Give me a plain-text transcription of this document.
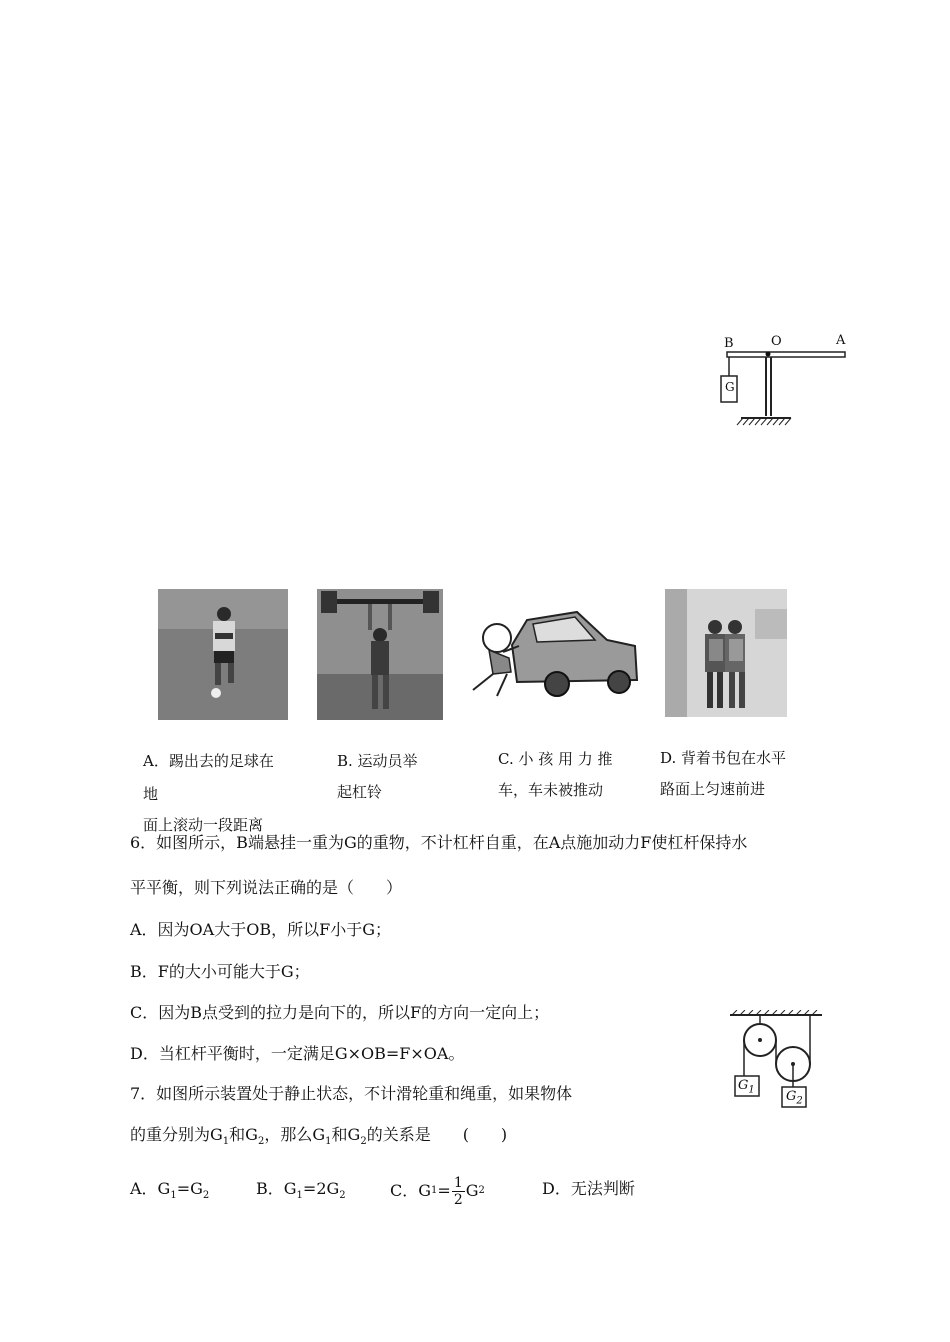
B	O	A
G
A．踢出去的足球在
地
面上滚动一段距离
B. 运动员举
起杠铃
C. 小 孩 用 力 推
车，车未被推动
D. 背着书包在水平
路面上匀速前进
6．如图所示，B端悬挂一重为G的重物，不计杠杆自重，在A点施加动力F使杠杆保持水
平平衡，则下列说法正确的是（　　）
A．因为OA大于OB，所以F小于G；
B．F的大小可能大于G；
C．因为B点受到的拉力是向下的，所以F的方向一定向上；
D．当杠杆平衡时，一定满足G×OB=F×OA。
$G_1$ $G_2$
7．如图所示装置处于静止状态，不计滑轮重和绳重，如果物体
的重分别为$G_1$和$G_2$，那么$G_1$和$G_2$的关系是　　(　　)
A．$G_1=G_2$	B．$G_1=2G_2$	C．G $1 = \frac{1}{2}$ G 2	D．无法判断
